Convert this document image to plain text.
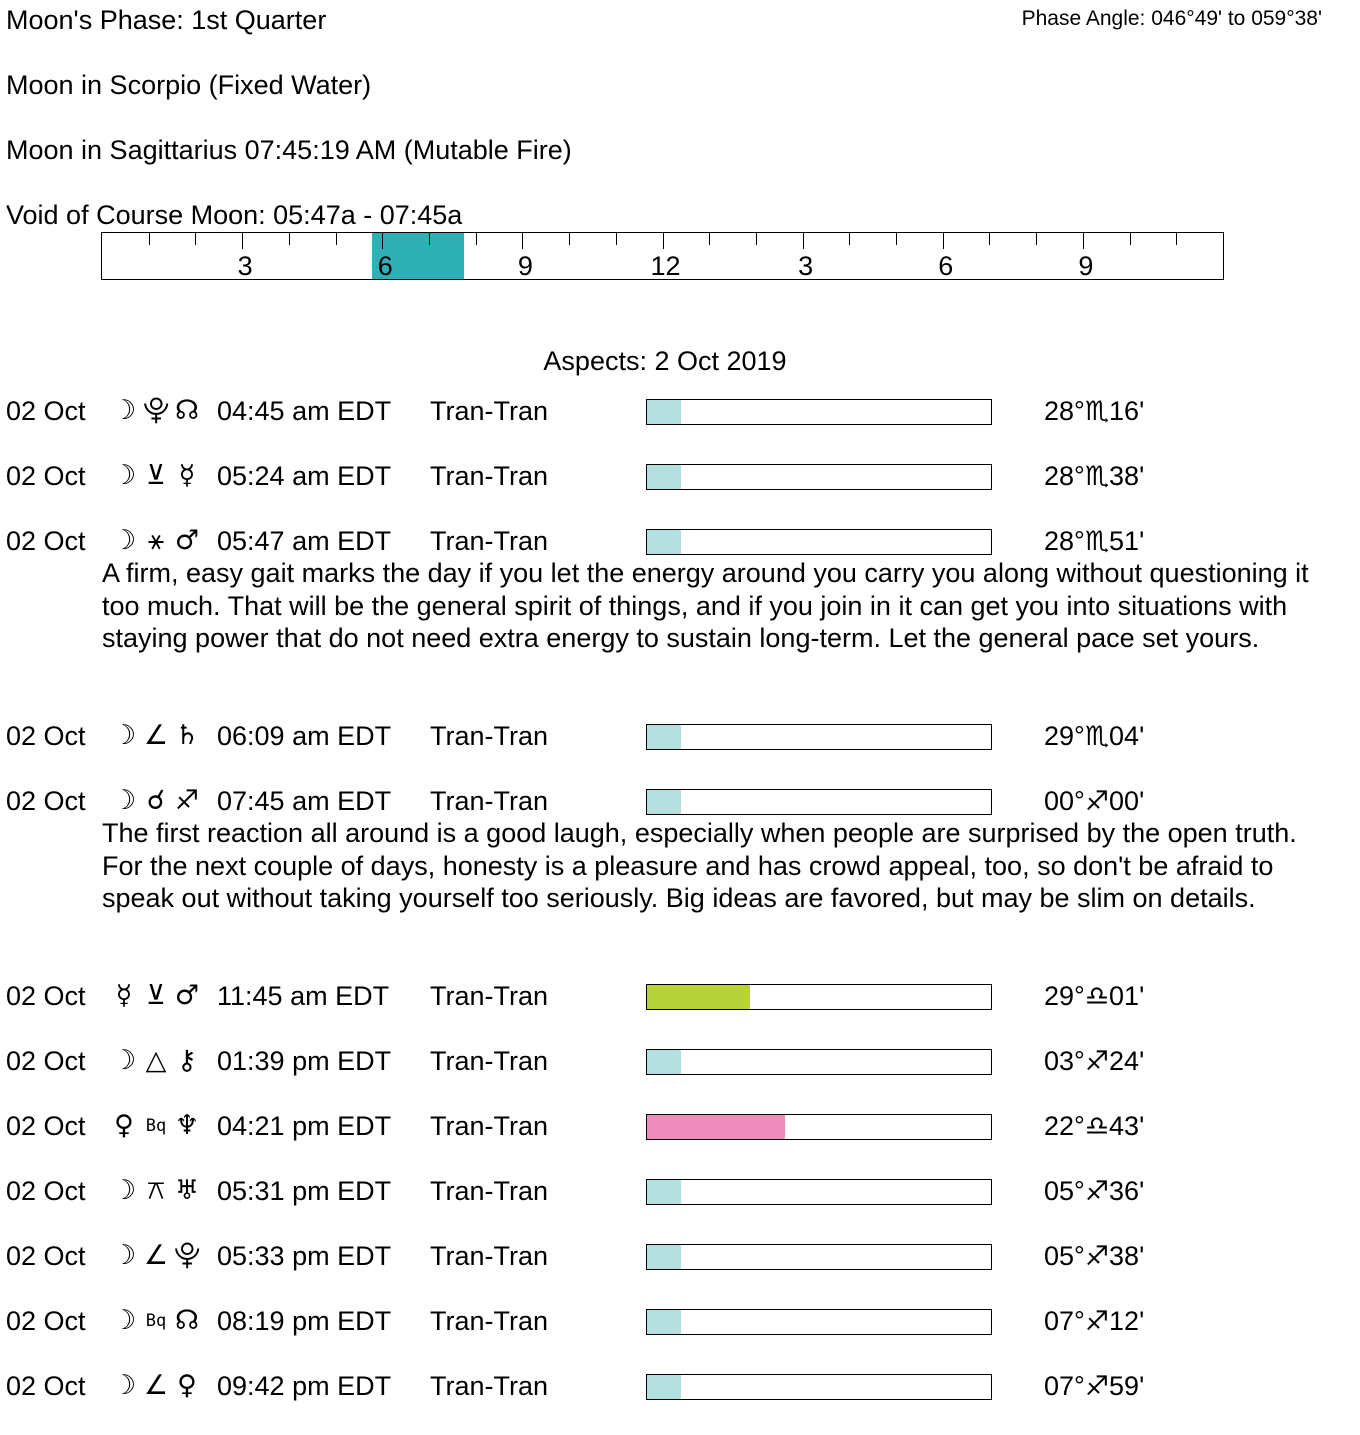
Moon's Phase: 1st Quarter	Phase Angle: 046°49' to 059°38'
Moon in Scorpio (Fixed Water)
Moon in Sagittarius 07:45:19 AM (Mutable Fire)
Void of Course Moon: 05:47a - 07:45a
3	6	9	12	3	6	9
Aspects: 2 Oct 2019
02 Oct ☽ ⯓ ☊ 04:45 am EDT Tran-Tran	28°♏16'
02 Oct ☽ ⊻ ☿ 05:24 am EDT Tran-Tran	28°♏38'
02 Oct ☽ ⚹ ♂ 05:47 am EDT Tran-Tran	28°♏51'
A firm, easy gait marks the day if you let the energy around you carry you along without questioning it too much. That will be the general spirit of things, and if you join in it can get you into situations with staying power that do not need extra energy to sustain long-term. Let the general pace set yours.
02 Oct ☽ ∠ ♄ 06:09 am EDT Tran-Tran	29°♏04'
02 Oct ☽ ☌ ♐ 07:45 am EDT Tran-Tran	00°♐00'
The first reaction all around is a good laugh, especially when people are surprised by the open truth. For the next couple of days, honesty is a pleasure and has crowd appeal, too, so don't be afraid to speak out without taking yourself too seriously. Big ideas are favored, but may be slim on details.
02 Oct ☿ ⊻ ♂ 11:45 am EDT Tran-Tran	29°♎01'
02 Oct ☽ △ ⚷ 01:39 pm EDT Tran-Tran	03°♐24'
02 Oct ♀ Bq ♆ 04:21 pm EDT Tran-Tran	22°♎43'
02 Oct ☽ ⚻ ♅ 05:31 pm EDT Tran-Tran	05°♐36'
02 Oct ☽ ∠ ⯓ 05:33 pm EDT Tran-Tran	05°♐38'
02 Oct ☽ Bq ☊ 08:19 pm EDT Tran-Tran	07°♐12'
02 Oct ☽ ∠ ♀ 09:42 pm EDT Tran-Tran	07°♐59'
